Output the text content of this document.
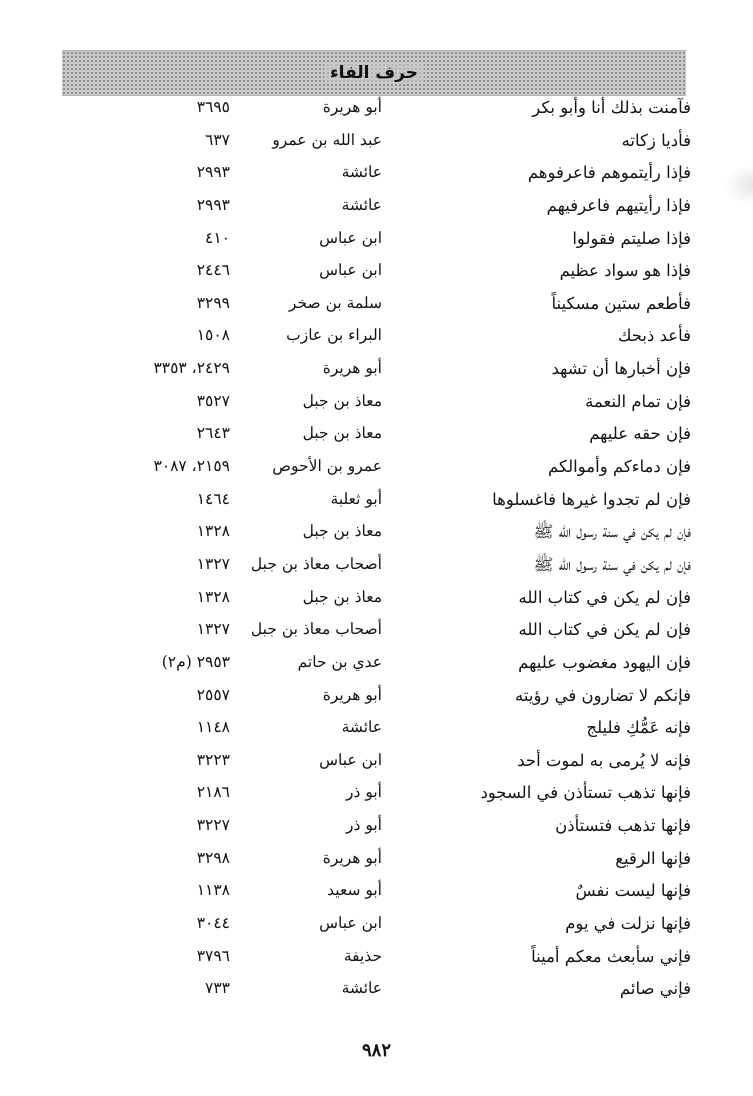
حرف الفاء
فآمنت بذلك أنا وأبو بكر
أبو هريرة
٣٦٩٥
فأديا زكاته
عبد الله بن عمرو
٦٣٧
فإذا رأيتموهم فاعرفوهم
عائشة
٢٩٩٣
فإذا رأيتيهم فاعرفيهم
عائشة
٢٩٩٣
فإذا صليتم فقولوا
ابن عباس
٤١٠
فإذا هو سواد عظيم
ابن عباس
٢٤٤٦
فأطعم ستين مسكيناً
سلمة بن صخر
٣٢٩٩
فأعد ذبحك
البراء بن عازب
١٥٠٨
فإن أخبارها أن تشهد
أبو هريرة
٢٤٢٩، ٣٣٥٣
فإن تمام النعمة
معاذ بن جبل
٣٥٢٧
فإن حقه عليهم
معاذ بن جبل
٢٦٤٣
فإن دماءكم وأموالكم
عمرو بن الأحوص
٢١٥٩، ٣٠٨٧
فإن لم تجدوا غيرها فاغسلوها
أبو ثعلبة
١٤٦٤
فإن لم يكن في سنة رسول الله ﷺ
معاذ بن جبل
١٣٢٨
فإن لم يكن في سنة رسول الله ﷺ
أصحاب معاذ بن جبل
١٣٢٧
فإن لم يكن في كتاب الله
معاذ بن جبل
١٣٢٨
فإن لم يكن في كتاب الله
أصحاب معاذ بن جبل
١٣٢٧
فإن اليهود مغضوب عليهم
عدي بن حاتم
٢٩٥٣ (م٢)
فإنكم لا تضارون في رؤيته
أبو هريرة
٢٥٥٧
فإنه عَمُّكِ فليلج
عائشة
١١٤٨
فإنه لا يُرمى به لموت أحد
ابن عباس
٣٢٢٣
فإنها تذهب تستأذن في السجود
أبو ذر
٢١٨٦
فإنها تذهب فتستأذن
أبو ذر
٣٢٢٧
فإنها الرقيع
أبو هريرة
٣٢٩٨
فإنها ليست نفسٌ
أبو سعيد
١١٣٨
فإنها نزلت في يوم
ابن عباس
٣٠٤٤
فإني سأبعث معكم أميناً
حذيفة
٣٧٩٦
فإني صائم
عائشة
٧٣٣
٩٨٢
